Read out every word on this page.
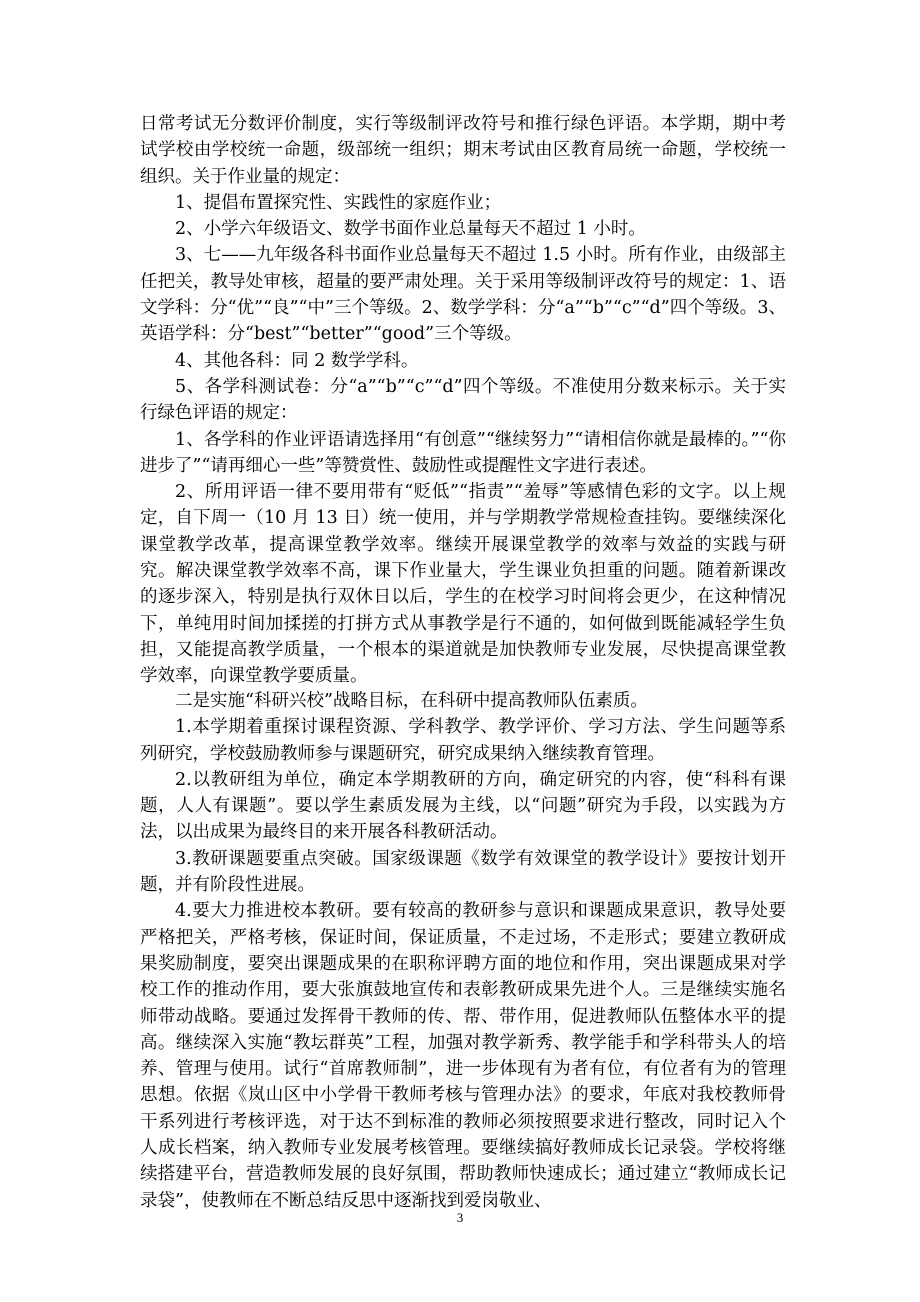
日常考试无分数评价制度，实行等级制评改符号和推行绿色评语。本学期，期中考试学校由学校统一命题，级部统一组织；期末考试由区教育局统一命题，学校统一组织。关于作业量的规定：

1、提倡布置探究性、实践性的家庭作业；

2、小学六年级语文、数学书面作业总量每天不超过 1 小时。

3、七——九年级各科书面作业总量每天不超过 1.5 小时。所有作业，由级部主任把关，教导处审核，超量的要严肃处理。关于采用等级制评改符号的规定：1、语文学科：分“优”“良”“中”三个等级。2、数学学科：分“a”“b”“c”“d”四个等级。3、英语学科：分“best”“better”“good”三个等级。

4、其他各科：同 2 数学学科。

5、各学科测试卷：分“a”“b”“c”“d”四个等级。不准使用分数来标示。关于实行绿色评语的规定：

1、各学科的作业评语请选择用“有创意”“继续努力”“请相信你就是最棒的。”“你进步了”“请再细心一些”等赞赏性、鼓励性或提醒性文字进行表述。

2、所用评语一律不要用带有“贬低”“指责”“羞辱”等感情色彩的文字。以上规定，自下周一（10 月 13 日）统一使用，并与学期教学常规检查挂钩。要继续深化课堂教学改革，提高课堂教学效率。继续开展课堂教学的效率与效益的实践与研究。解决课堂教学效率不高，课下作业量大，学生课业负担重的问题。随着新课改的逐步深入，特别是执行双休日以后，学生的在校学习时间将会更少，在这种情况下，单纯用时间加揉搓的打拼方式从事教学是行不通的，如何做到既能减轻学生负担，又能提高教学质量，一个根本的渠道就是加快教师专业发展，尽快提高课堂教学效率，向课堂教学要质量。

二是实施“科研兴校”战略目标，在科研中提高教师队伍素质。

1.本学期着重探讨课程资源、学科教学、教学评价、学习方法、学生问题等系列研究，学校鼓励教师参与课题研究，研究成果纳入继续教育管理。

2.以教研组为单位，确定本学期教研的方向，确定研究的内容，使“科科有课题，人人有课题”。要以学生素质发展为主线，以“问题”研究为手段，以实践为方法，以出成果为最终目的来开展各科教研活动。

3.教研课题要重点突破。国家级课题《数学有效课堂的教学设计》要按计划开题，并有阶段性进展。

4.要大力推进校本教研。要有较高的教研参与意识和课题成果意识，教导处要严格把关，严格考核，保证时间，保证质量，不走过场，不走形式；要建立教研成果奖励制度，要突出课题成果的在职称评聘方面的地位和作用，突出课题成果对学校工作的推动作用，要大张旗鼓地宣传和表彰教研成果先进个人。三是继续实施名师带动战略。要通过发挥骨干教师的传、帮、带作用，促进教师队伍整体水平的提高。继续深入实施“教坛群英”工程，加强对教学新秀、教学能手和学科带头人的培养、管理与使用。试行“首席教师制”，进一步体现有为者有位，有位者有为的管理思想。依据《岚山区中小学骨干教师考核与管理办法》的要求，年底对我校教师骨干系列进行考核评选，对于达不到标准的教师必须按照要求进行整改，同时记入个人成长档案，纳入教师专业发展考核管理。要继续搞好教师成长记录袋。学校将继续搭建平台，营造教师发展的良好氛围，帮助教师快速成长；通过建立“教师成长记录袋”，使教师在不断总结反思中逐渐找到爱岗敬业、

3
